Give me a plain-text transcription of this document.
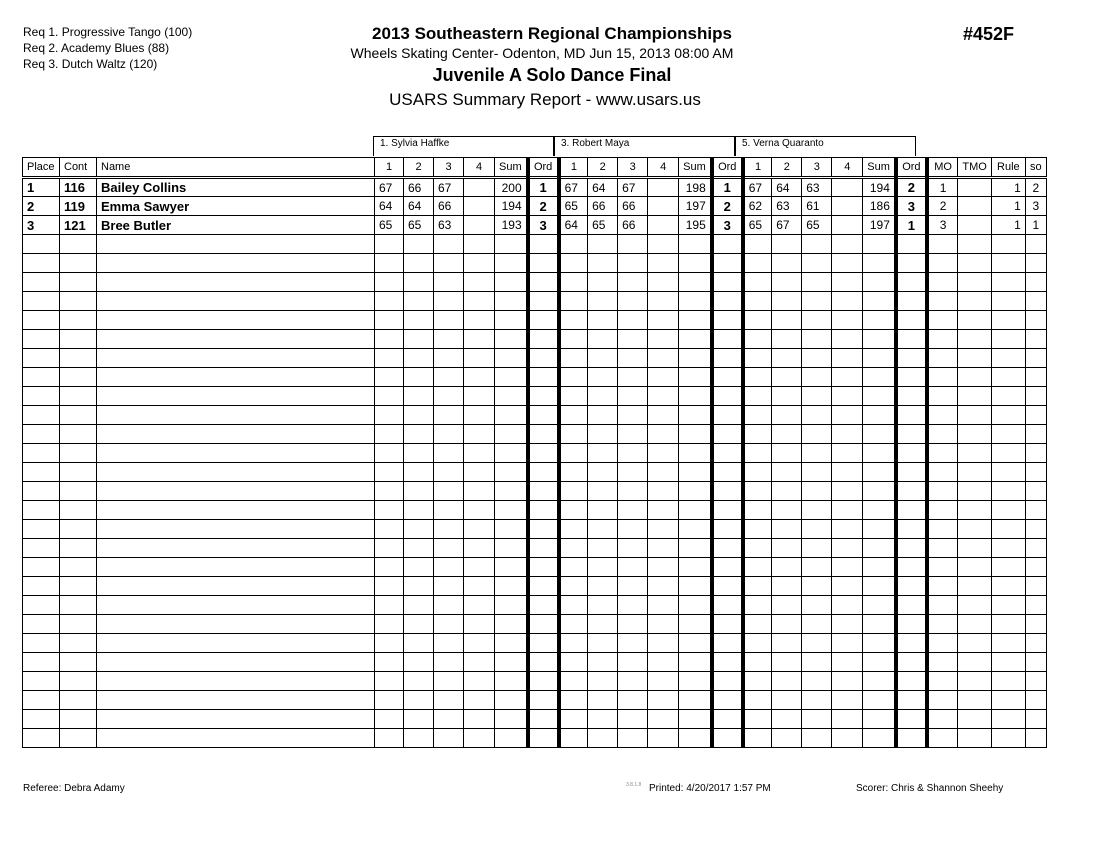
Req 1. Progressive Tango (100)
Req 2. Academy Blues (88)
Req 3. Dutch Waltz (120)
2013 Southeastern Regional Championships
Wheels Skating Center- Odenton, MD Jun 15, 2013 08:00 AM
Juvenile A Solo Dance Final
USARS Summary Report - www.usars.us
#452F
1. Sylvia Haffke	3. Robert Maya	5. Verna Quaranto
Place	Cont	Name	1	2	3	4	Sum	Ord	1	2	3	4	Sum	Ord	1	2	3	4	Sum	Ord	MO	TMO	Rule	so
1	116	Bailey Collins	67	66	67		200	1	67	64	67		198	1	67	64	63		194	2	1		1	2
2	119	Emma Sawyer	64	64	66		194	2	65	66	66		197	2	62	63	61		186	3	2		1	3
3	121	Bree Butler	65	65	63		193	3	64	65	66		195	3	65	67	65		197	1	3		1	1

Referee: Debra Adamy	3.8.1.8 Printed: 4/20/2017 1:57 PM	Scorer: Chris & Shannon Sheehy
